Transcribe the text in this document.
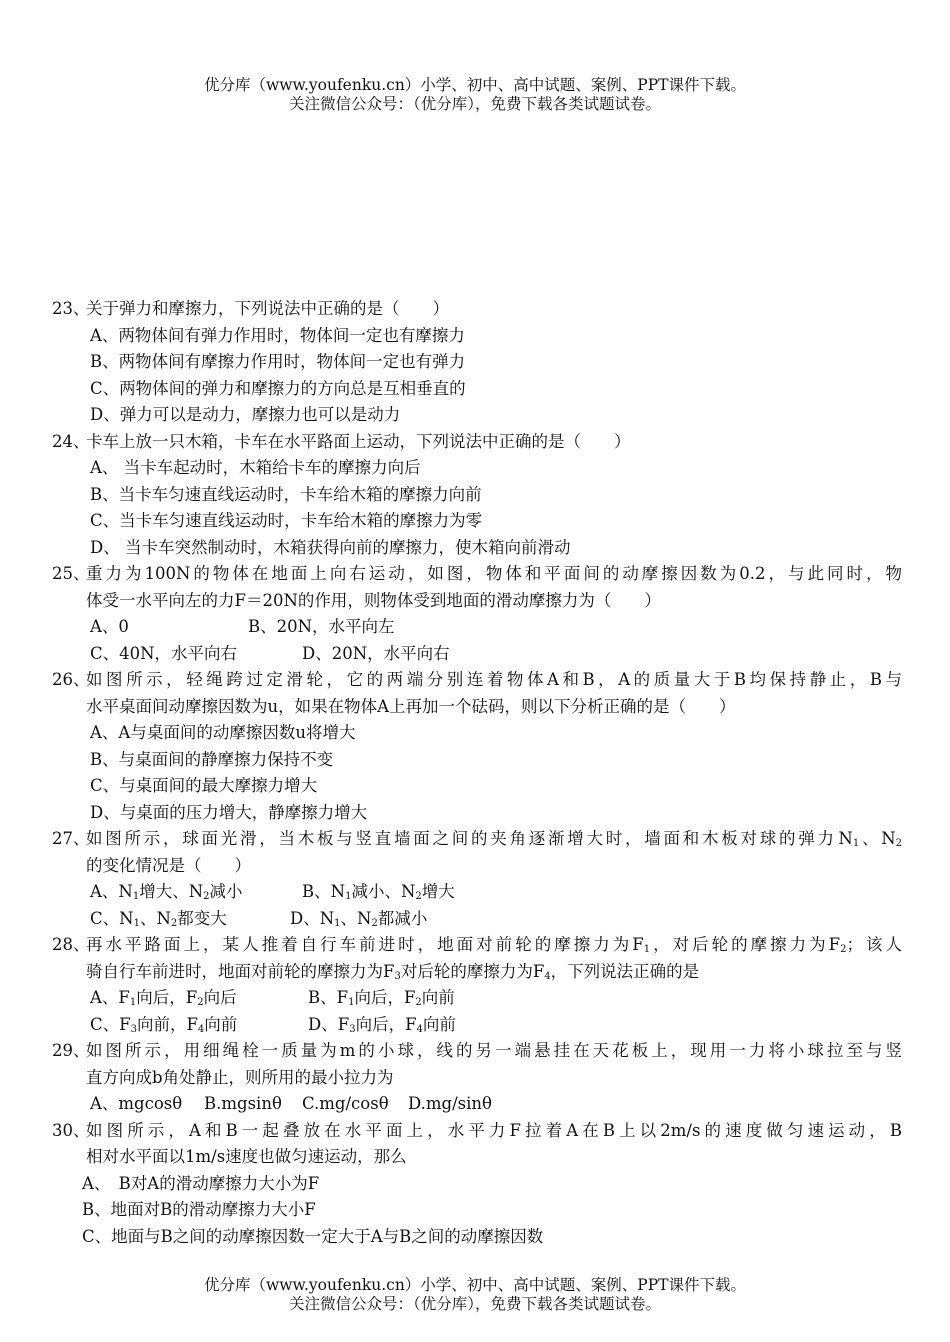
优分库（www.youfenku.cn）小学、初中、高中试题、案例、PPT课件下载。
关注微信公众号：（优分库），免费下载各类试题试卷。
23、
关于弹力和摩擦力，下列说法中正确的是（　　）
A、两物体间有弹力作用时，物体间一定也有摩擦力
B、两物体间有摩擦力作用时，物体间一定也有弹力
C、两物体间的弹力和摩擦力的方向总是互相垂直的
D、弹力可以是动力，摩擦力也可以是动力
24、
卡车上放一只木箱，卡车在水平路面上运动，下列说法中正确的是（　　）
A、 当卡车起动时，木箱给卡车的摩擦力向后
B、当卡车匀速直线运动时，卡车给木箱的摩擦力向前
C、当卡车匀速直线运动时，卡车给木箱的摩擦力为零
D、 当卡车突然制动时，木箱获得向前的摩擦力，使木箱向前滑动
25、
重力为100N的物体在地面上向右运动，如图，物体和平面间的动摩擦因数为0.2，与此同时，物
体受一水平向左的力F＝20N的作用，则物体受到地面的滑动摩擦力为（　　）
A、0	B、20N，水平向左
C、40N，水平向右	D、20N，水平向右
26、
如图所示，轻绳跨过定滑轮，它的两端分别连着物体A和B，A的质量大于B均保持静止，B与
水平桌面间动摩擦因数为u，如果在物体A上再加一个砝码，则以下分析正确的是（　　）
A、A与桌面间的动摩擦因数u将增大
B、与桌面间的静摩擦力保持不变
C、与桌面间的最大摩擦力增大
D、与桌面的压力增大，静摩擦力增大
27、
如图所示，球面光滑，当木板与竖直墙面之间的夹角逐渐增大时，墙面和木板对球的弹力  $N_1$、$N_2$
的变化情况是（　　）
A、$N_1$增大、$N_2$减小	B、$N_1$减小、$N_2$增大
C、$N_1$、$N_2$都变大	D、$N_1$、$N_2$都减小
28、
再水平路面上，某人推着自行车前进时，地面对前轮的摩擦力为$F_1$，对后轮的摩擦力为$F_2$；该人
骑自行车前进时，地面对前轮的摩擦力为$F_3$对后轮的摩擦力为$F_4$，下列说法正确的是
A、$F_1$向后，$F_2$向后	B、$F_1$向后，$F_2$向前
C、$F_3$向前，$F_4$向前	D、$F_3$向后，$F_4$向前
29、
如图所示，用细绳栓一质量为m的小球，线的另一端悬挂在天花板上，现用一力将小球拉至与竖
直方向成b角处静止，则所用的最小拉力为
A、mgcosθ B.mgsinθ C.mg/cosθ D.mg/sinθ
30、
如图所示，A和B一起叠放在水平面上，水平力F拉着A在B上以2m/s的速度做匀速运动，B
相对水平面以1m/s速度也做匀速运动，那么
A、　B对A的滑动摩擦力大小为F
B、地面对B的滑动摩擦力大小F
C、地面与B之间的动摩擦因数一定大于A与B之间的动摩擦因数
优分库（www.youfenku.cn）小学、初中、高中试题、案例、PPT课件下载。
关注微信公众号：（优分库），免费下载各类试题试卷。
